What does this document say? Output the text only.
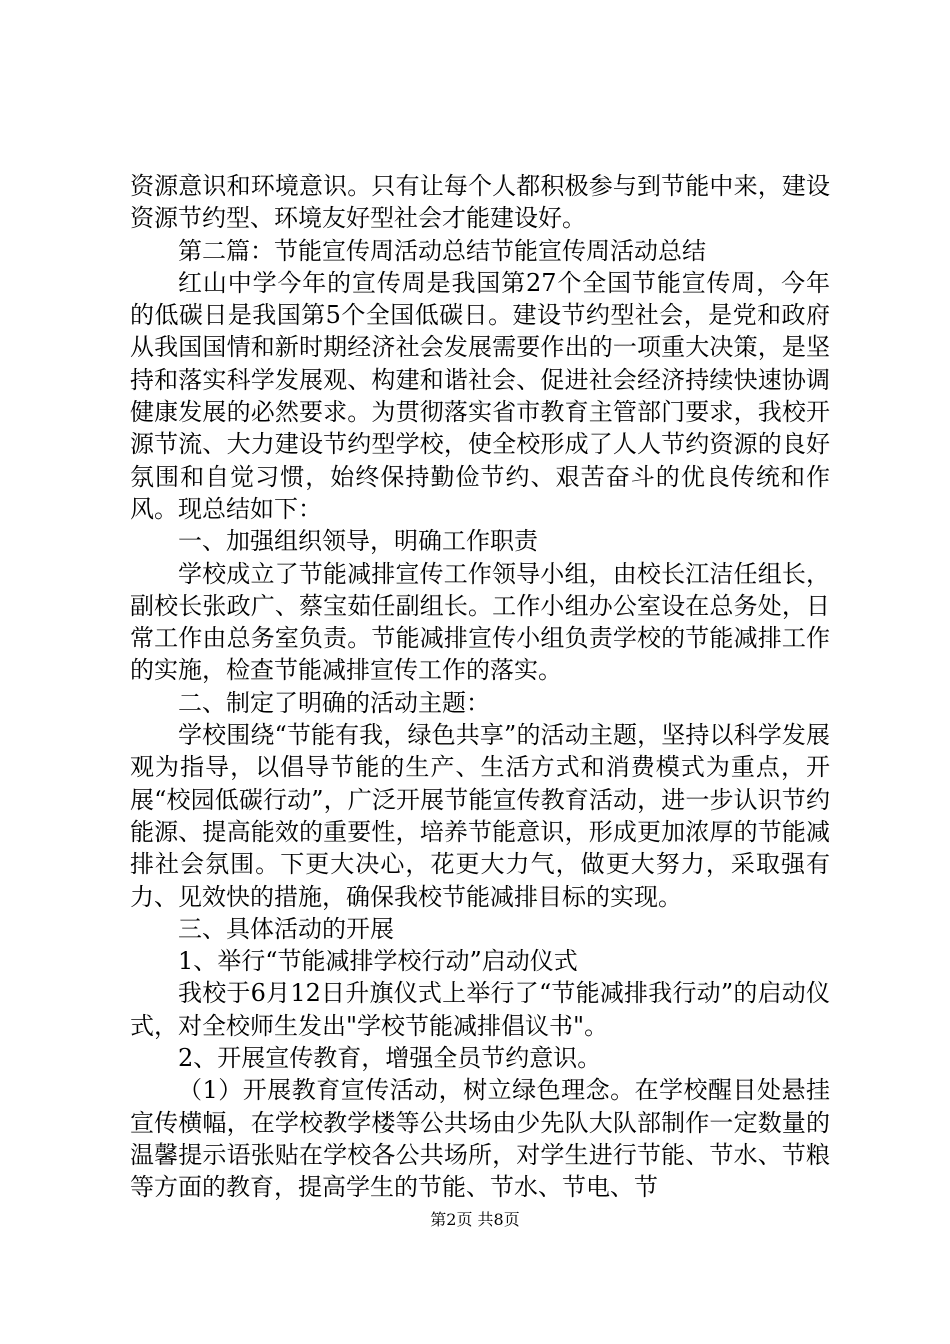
资源意识和环境意识。只有让每个人都积极参与到节能中来，建设资源节约型、环境友好型社会才能建设好。

第二篇：节能宣传周活动总结节能宣传周活动总结

红山中学今年的宣传周是我国第27个全国节能宣传周，今年的低碳日是我国第5个全国低碳日。建设节约型社会，是党和政府从我国国情和新时期经济社会发展需要作出的一项重大决策，是坚持和落实科学发展观、构建和谐社会、促进社会经济持续快速协调健康发展的必然要求。为贯彻落实省市教育主管部门要求，我校开源节流、大力建设节约型学校，使全校形成了人人节约资源的良好氛围和自觉习惯，始终保持勤俭节约、艰苦奋斗的优良传统和作风。现总结如下：

一、加强组织领导，明确工作职责

学校成立了节能减排宣传工作领导小组，由校长江洁任组长，副校长张政广、蔡宝茹任副组长。工作小组办公室设在总务处，日常工作由总务室负责。节能减排宣传小组负责学校的节能减排工作的实施，检查节能减排宣传工作的落实。

二、制定了明确的活动主题：

学校围绕“节能有我，绿色共享”的活动主题，坚持以科学发展观为指导，以倡导节能的生产、生活方式和消费模式为重点，开展“校园低碳行动”，广泛开展节能宣传教育活动，进一步认识节约能源、提高能效的重要性，培养节能意识，形成更加浓厚的节能减排社会氛围。下更大决心，花更大力气，做更大努力，采取强有力、见效快的措施，确保我校节能减排目标的实现。

三、具体活动的开展

1、举行“节能减排学校行动”启动仪式

我校于6月12日升旗仪式上举行了“节能减排我行动”的启动仪式，对全校师生发出"学校节能减排倡议书"。

2、开展宣传教育，增强全员节约意识。

（1）开展教育宣传活动，树立绿色理念。在学校醒目处悬挂宣传横幅，在学校教学楼等公共场由少先队大队部制作一定数量的温馨提示语张贴在学校各公共场所，对学生进行节能、节水、节粮等方面的教育，提高学生的节能、节水、节电、节

第2页 共8页
